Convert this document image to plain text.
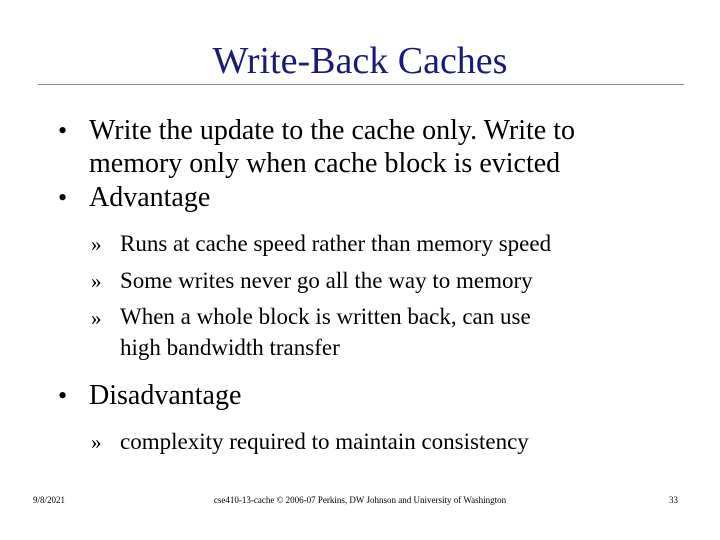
Write-Back Caches
• Write the update to the cache only. Write to
memory only when cache block is evicted
• Advantage
» Runs at cache speed rather than memory speed
» Some writes never go all the way to memory
» When a whole block is written back, can use
high bandwidth transfer
• Disadvantage
» complexity required to maintain consistency
9/8/2021	cse410-13-cache © 2006-07 Perkins, DW Johnson and University of Washington	33
